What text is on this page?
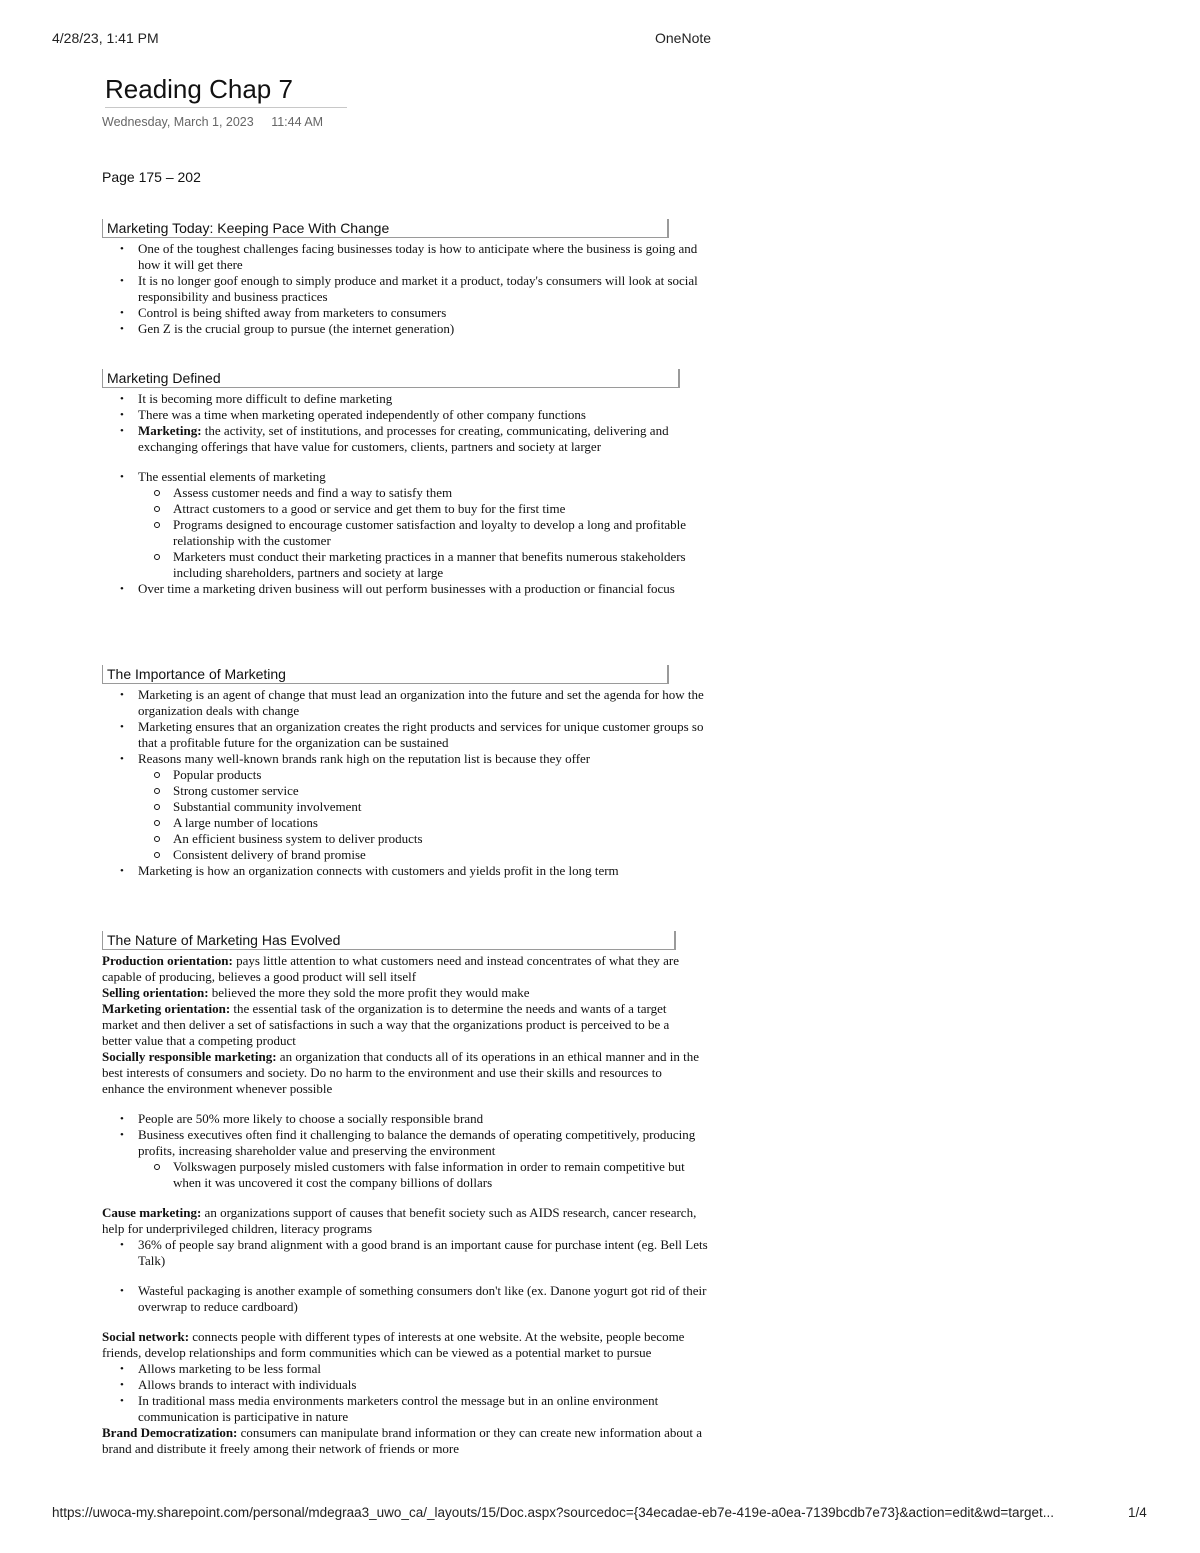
4/28/23, 1:41 PM	OneNote
Reading Chap 7
Wednesday, March 1, 2023 11:44 AM
Page 175 – 202
Marketing Today: Keeping Pace With Change
• One of the toughest challenges facing businesses today is how to anticipate where the business is going and how it will get there
• It is no longer goof enough to simply produce and market it a product, today's consumers will look at social responsibility and business practices
• Control is being shifted away from marketers to consumers
• Gen Z is the crucial group to pursue (the internet generation)
Marketing Defined
• It is becoming more difficult to define marketing
• There was a time when marketing operated independently of other company functions
• Marketing: the activity, set of institutions, and processes for creating, communicating, delivering and exchanging offerings that have value for customers, clients, partners and society at larger
• The essential elements of marketing
Assess customer needs and find a way to satisfy them
Attract customers to a good or service and get them to buy for the first time
Programs designed to encourage customer satisfaction and loyalty to develop a long and profitable relationship with the customer
Marketers must conduct their marketing practices in a manner that benefits numerous stakeholders including shareholders, partners and society at large
• Over time a marketing driven business will out perform businesses with a production or financial focus
The Importance of Marketing
• Marketing is an agent of change that must lead an organization into the future and set the agenda for how the organization deals with change
• Marketing ensures that an organization creates the right products and services for unique customer groups so that a profitable future for the organization can be sustained
• Reasons many well-known brands rank high on the reputation list is because they offer
Popular products
Strong customer service
Substantial community involvement
A large number of locations
An efficient business system to deliver products
Consistent delivery of brand promise
• Marketing is how an organization connects with customers and yields profit in the long term
The Nature of Marketing Has Evolved
Production orientation: pays little attention to what customers need and instead concentrates of what they are capable of producing, believes a good product will sell itself
Selling orientation: believed the more they sold the more profit they would make
Marketing orientation: the essential task of the organization is to determine the needs and wants of a target market and then deliver a set of satisfactions in such a way that the organizations product is perceived to be a better value that a competing product
Socially responsible marketing: an organization that conducts all of its operations in an ethical manner and in the best interests of consumers and society. Do no harm to the environment and use their skills and resources to enhance the environment whenever possible
• People are 50% more likely to choose a socially responsible brand
• Business executives often find it challenging to balance the demands of operating competitively, producing profits, increasing shareholder value and preserving the environment
Volkswagen purposely misled customers with false information in order to remain competitive but when it was uncovered it cost the company billions of dollars
Cause marketing: an organizations support of causes that benefit society such as AIDS research, cancer research, help for underprivileged children, literacy programs
• 36% of people say brand alignment with a good brand is an important cause for purchase intent (eg. Bell Lets Talk)
• Wasteful packaging is another example of something consumers don't like (ex. Danone yogurt got rid of their overwrap to reduce cardboard)
Social network: connects people with different types of interests at one website. At the website, people become friends, develop relationships and form communities which can be viewed as a potential market to pursue
• Allows marketing to be less formal
• Allows brands to interact with individuals
• In traditional mass media environments marketers control the message but in an online environment communication is participative in nature
Brand Democratization: consumers can manipulate brand information or they can create new information about a brand and distribute it freely among their network of friends or more
https://uwoca-my.sharepoint.com/personal/mdegraa3_uwo_ca/_layouts/15/Doc.aspx?sourcedoc={34ecadae-eb7e-419e-a0ea-7139bcdb7e73}&action=edit&wd=target...	1/4
